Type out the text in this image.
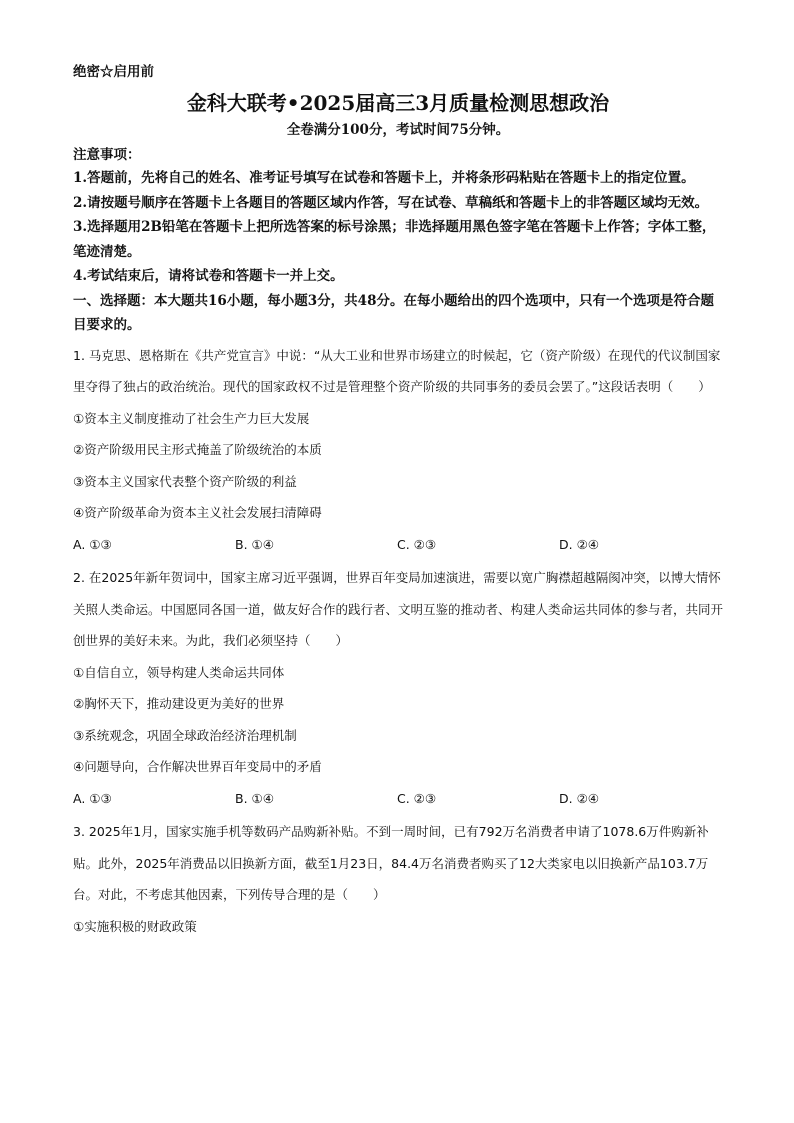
绝密☆启用前
金科大联考•2025届高三3月质量检测思想政治
全卷满分100分，考试时间75分钟。
注意事项：
1.答题前，先将自己的姓名、准考证号填写在试卷和答题卡上，并将条形码粘贴在答题卡上的指定位置。
2.请按题号顺序在答题卡上各题目的答题区域内作答，写在试卷、草稿纸和答题卡上的非答题区域均无效。
3.选择题用2B铅笔在答题卡上把所选答案的标号涂黑；非选择题用黑色签字笔在答题卡上作答；字体工整，笔迹清楚。
4.考试结束后，请将试卷和答题卡一并上交。
一、选择题：本大题共16小题，每小题3分，共48分。在每小题给出的四个选项中，只有一个选项是符合题目要求的。
1. 马克思、恩格斯在《共产党宣言》中说：“从大工业和世界市场建立的时候起，它（资产阶级）在现代的代议制国家里夺得了独占的政治统治。现代的国家政权不过是管理整个资产阶级的共同事务的委员会罢了。”这段话表明（　　）
①资本主义制度推动了社会生产力巨大发展
②资产阶级用民主形式掩盖了阶级统治的本质
③资本主义国家代表整个资产阶级的利益
④资产阶级革命为资本主义社会发展扫清障碍
A. ①③	B. ①④	C. ②③	D. ②④
2. 在2025年新年贺词中，国家主席习近平强调，世界百年变局加速演进，需要以宽广胸襟超越隔阂冲突，以博大情怀关照人类命运。中国愿同各国一道，做友好合作的践行者、文明互鉴的推动者、构建人类命运共同体的参与者，共同开创世界的美好未来。为此，我们必须坚持（　　）
①自信自立，领导构建人类命运共同体
②胸怀天下，推动建设更为美好的世界
③系统观念，巩固全球政治经济治理机制
④问题导向，合作解决世界百年变局中的矛盾
A. ①③	B. ①④	C. ②③	D. ②④
3. 2025年1月，国家实施手机等数码产品购新补贴。不到一周时间，已有792万名消费者申请了1078.6万件购新补贴。此外，2025年消费品以旧换新方面，截至1月23日，84.4万名消费者购买了12大类家电以旧换新产品103.7万台。对此，不考虑其他因素，下列传导合理的是（　　）
①实施积极的财政政策
